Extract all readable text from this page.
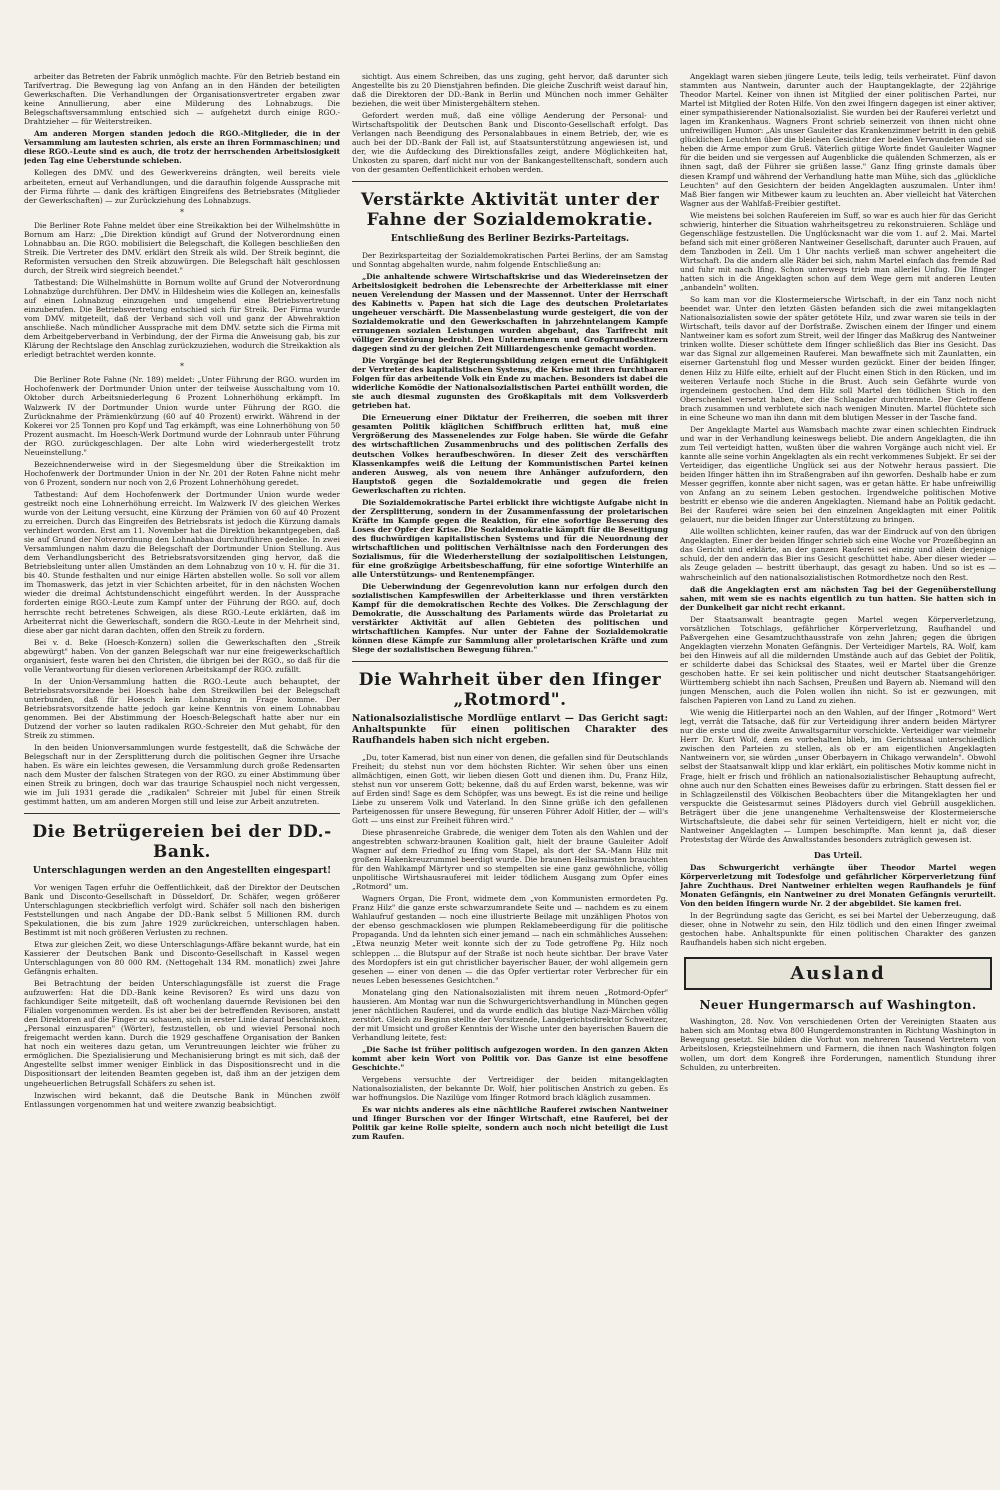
arbeiter das Betreten der Fabrik unmöglich machte. Für den Betrieb bestand ein Tarifvertrag. Die Bewegung lag von Anfang an in den Händen der beteiligten Gewerkschaften. Die Verhandlungen der Organisationsvertreter ergaben zwar keine Annullierung, aber eine Milderung des Lohnabzugs. Die Belegschaftsversammlung entschied sich — aufgehetzt durch einige RGO.-Drahtzieher — für Weiterstreiken.

Am anderen Morgen standen jedoch die RGO.-Mitglieder, die in der Versammlung am lautesten schrien, als erste an ihren Formmaschinen; und diese RGO.-Leute sind es auch, die trotz der herrschenden Arbeitslosigkeit jeden Tag eine Ueberstunde schieben.

Kollegen des DMV. und des Gewerkvereins drängten, weil bereits viele arbeiteten, erneut auf Verhandlungen, und die daraufhin folgende Aussprache mit der Firma führte — dank des kräftigen Eingreifens des Betriebsrates (Mitglieder der Gewerkschaften) — zur Zurückziehung des Lohnabzugs.

*

Die Berliner Rote Fahne meldet über eine Streikaktion bei der Wilhelmshütte in Bornum am Harz: „Die Direktion kündigt auf Grund der Notverordnung einen Lohnabbau an. Die RGO. mobilisiert die Belegschaft, die Kollegen beschließen den Streik. Die Vertreter des DMV. erklärt den Streik als wild. Der Streik beginnt, die Reformisten versuchen den Streik abzuwürgen. Die Belegschaft hält geschlossen durch, der Streik wird siegreich beendet."

Tatbestand: Die Wilhelmshütte in Bornum wollte auf Grund der Notverordnung Lohnabzüge durchführen. Der DMV. in Hildesheim wies die Kollegen an, keinesfalls auf einen Lohnabzug einzugehen und umgehend eine Betriebsvertretung einzuberufen. Die Betriebsvertretung entschied sich für Streik. Der Firma wurde vom DMV. mitgeteilt, daß der Verband sich voll und ganz der Abwehraktion anschließe. Nach mündlicher Aussprache mit dem DMV. setzte sich die Firma mit dem Arbeitgeberverband in Verbindung, der der Firma die Anweisung gab, bis zur Klärung der Rechtslage den Anschlag zurückzuziehen, wodurch die Streikaktion als erledigt betrachtet werden konnte.

*

Die Berliner Rote Fahne (Nr. 189) meldet: „Unter Führung der RGO. wurden im Hochofenwerk der Dortmunder Union unter der teilweise Ausschaltung vom 10. Oktober durch Arbeitsniederlegung 6 Prozent Lohnerhöhung erkämpft. Im Walzwerk IV der Dortmunder Union wurde unter Führung der RGO. die Zurücknahme der Prämienkürzung (60 auf 40 Prozent) erwirkt. Während in der Kokerei vor 25 Tonnen pro Kopf und Tag erkämpft, was eine Lohnerhöhung von 50 Prozent ausmacht. Im Hoesch-Werk Dortmund wurde der Lohnraub unter Führung der RGO. zurückgeschlagen. Der alte Lohn wird wiederhergestellt trotz Neueinstellung."

Bezeichnenderweise wird in der Siegesmeldung über die Streikaktion im Hochofenwerk der Dortmunder Union in der Nr. 201 der Roten Fahne nicht mehr von 6 Prozent, sondern nur noch von 2,6 Prozent Lohnerhöhung geredet.

Tatbestand: Auf dem Hochofenwerk der Dortmunder Union wurde weder gestreikt noch eine Lohnerhöhung erreicht. Im Walzwerk IV des gleichen Werkes wurde von der Leitung versucht, eine Kürzung der Prämien von 60 auf 40 Prozent zu erreichen. Durch das Eingreifen des Betriebsrats ist jedoch die Kürzung damals verhindert worden. Erst am 11. November hat die Direktion bekanntgegeben, daß sie auf Grund der Notverordnung den Lohnabbau durchzuführen gedenke. In zwei Versammlungen nahm dazu die Belegschaft der Dortmunder Union Stellung. Aus dem Verhandlungsbericht des Betriebsratsvorsitzenden ging hervor, daß die Betriebsleitung unter allen Umständen an dem Lohnabzug von 10 v. H. für die 31. bis 40. Stunde festhalten und nur einige Härten abstellen wolle. So soll vor allem im Thomaswerk, das jetzt in vier Schichten arbeitet, für in den nächsten Wochen wieder die dreimal Achtstundenschicht eingeführt werden. In der Aussprache forderten einige RGO.-Leute zum Kampf unter der Führung der RGO. auf, doch herrschte recht betretenes Schweigen, als diese RGO.-Leute erklärten, daß im Arbeiterrat nicht die Gewerkschaft, sondern die RGO.-Leute in der Mehrheit sind, diese aber gar nicht daran dachten, offen den Streik zu fordern.

Bei v. d. Beke (Hoesch-Konzern) sollen die Gewerkschaften den „Streik abgewürgt" haben. Von der ganzen Belegschaft war nur eine freigewerkschaftlich organisiert, feste waren bei den Christen, die übrigen bei der RGO., so daß für die volle Verantwortung für diesen verlorenen Arbeitskampf der RGO. zufällt.

In der Union-Versammlung hatten die RGO.-Leute auch behauptet, der Betriebsratsvorsitzende bei Hoesch habe den Streikwillen bei der Belegschaft unterbunden, daß für Hoesch kein Lohnabzug in Frage komme. Der Betriebsratsvorsitzende hatte jedoch gar keine Kenntnis von einem Lohnabbau genommen. Bei der Abstimmung der Hoesch-Belegschaft hatte aber nur ein Dutzend der vorher so lauten radikalen RGO.-Schreier den Mut gehabt, für den Streik zu stimmen.

In den beiden Unionversammlungen wurde festgestellt, daß die Schwäche der Belegschaft nur in der Zersplitterung durch die politischen Gegner ihre Ursache haben. Es wäre ein leichtes gewesen, die Versammlung durch große Redensarten nach dem Muster der falschen Strategen von der RGO. zu einer Abstimmung über einen Streik zu bringen, doch war das traurige Schauspiel noch nicht vergessen, wie im Juli 1931 gerade die „radikalen" Schreier mit Jubel für einen Streik gestimmt hatten, um am anderen Morgen still und leise zur Arbeit anzutreten.

Die Betrügereien bei der DD.-Bank.
Unterschlagungen werden an den Angestellten eingespart!

Vor wenigen Tagen erfuhr die Oeffentlichkeit, daß der Direktor der Deutschen Bank und Disconto-Gesellschaft in Düsseldorf, Dr. Schäfer, wegen größerer Unterschlagungen steckbrieflich verfolgt wird. Schäfer soll nach den bisherigen Feststellungen und nach Angabe der DD.-Bank selbst 5 Millionen RM. durch Spekulationen, die bis zum Jahre 1929 zurückreichen, unterschlagen haben. Bestimmt ist mit noch größeren Verlusten zu rechnen.

Etwa zur gleichen Zeit, wo diese Unterschlagungs-Affäre bekannt wurde, hat ein Kassierer der Deutschen Bank und Disconto-Gesellschaft in Kassel wegen Unterschlagungen von 80 000 RM. (Nettogehalt 134 RM. monatlich) zwei Jahre Gefängnis erhalten.

Bei Betrachtung der beiden Unterschlagungsfälle ist zuerst die Frage aufzuwerfen: Hat die DD.-Bank keine Revisoren? Es wird uns dazu von fachkundiger Seite mitgeteilt, daß oft wochenlang dauernde Revisionen bei den Filialen vorgenommen werden. Es ist aber bei der betreffenden Revisoren, anstatt den Direktoren auf die Finger zu schauen, sich in erster Linie darauf beschränkten, „Personal einzusparen" (Wörter), festzustellen, ob und wieviel Personal noch freigemacht werden kann. Durch die 1929 geschaffene Organisation der Banken hat noch ein weiteres dazu getan, um Veruntreuungen leichter wie früher zu ermöglichen. Die Spezialisierung und Mechanisierung bringt es mit sich, daß der Angestellte selbst immer weniger Einblick in das Dispositionsrecht und in die Dispositionsart der leitenden Beamten gegeben ist, daß ihm an der jetzigen dem ungeheuerlichen Betrugsfall Schäfers zu sehen ist.

Inzwischen wird bekannt, daß die Deutsche Bank in München zwölf Entlassungen vorgenommen hat und weitere zwanzig beabsichtigt.

sichtigt. Aus einem Schreiben, das uns zuging, geht hervor, daß darunter sich Angestellte bis zu 20 Dienstjahren befinden. Die gleiche Zuschrift weist darauf hin, daß die Direktoren der DD.-Bank in Berlin und München noch immer Gehälter beziehen, die weit über Ministergehältern stehen.

Gefordert werden muß, daß eine völlige Aenderung der Personal- und Wirtschaftspolitik der Deutschen Bank und Disconto-Gesellschaft erfolgt. Das Verlangen nach Beendigung des Personalabbaues in einem Betrieb, der, wie es auch bei der DD.-Bank der Fall ist, auf Staatsunterstützung angewiesen ist, und der, wie die Aufdeckung des Direktionsfalles zeigt, andere Möglichkeiten hat, Unkosten zu sparen, darf nicht nur von der Bankangestelltenschaft, sondern auch von der gesamten Oeffentlichkeit erhoben werden.

Verstärkte Aktivität unter der Fahne der Sozialdemokratie.
Entschließung des Berliner Bezirks-Parteitags.

Der Bezirksparteitag der Sozialdemokratischen Partei Berlins, der am Samstag und Sonntag abgehalten wurde, nahm folgende Entschließung an:

„Die anhaltende schwere Wirtschaftskrise und das Wiedereinsetzen der Arbeitslosigkeit bedrohen die Lebensrechte der Arbeiterklasse mit einer neuen Verelendung der Massen und der Massennot. Unter der Herrschaft des Kabinetts v. Papen hat sich die Lage des deutschen Proletariates ungeheuer verschärft. Die Massenbelastung wurde gesteigert, die von der Sozialdemokratie und den Gewerkschaften in jahrzehntelangem Kampfe errungenen sozialen Leistungen wurden abgebaut, das Tarifrecht mit völliger Zerstörung bedroht. Den Unternehmern und Großgrundbesitzern dagegen sind zu der gleichen Zeit Milliardengeschenke gemacht worden.

Die Vorgänge bei der Regierungsbildung zeigen erneut die Unfähigkeit der Vertreter des kapitalistischen Systems, die Krise mit ihren furchtbaren Folgen für das arbeitende Volk ein Ende zu machen. Besonders ist dabei die widerliche Komödie der Nationalsozialistischen Partei enthüllt worden, die sie auch diesmal zugunsten des Großkapitals mit dem Volksverderb getrieben hat.

Die Erneuerung einer Diktatur der Freiherren, die soeben mit ihrer gesamten Politik kläglichen Schiffbruch erlitten hat, muß eine Vergrößerung des Massenelendes zur Folge haben. Sie würde die Gefahr des wirtschaftlichen Zusammenbruchs und des politischen Zerfalls des deutschen Volkes heraufbeschwören. In dieser Zeit des verschärften Klassenkampfes weiß die Leitung der Kommunistischen Partei keinen anderen Ausweg, als von neuem ihre Anhänger aufzufordern, den Hauptstoß gegen die Sozialdemokratie und gegen die freien Gewerkschaften zu richten.

Die Sozialdemokratische Partei erblickt ihre wichtigste Aufgabe nicht in der Zersplitterung, sondern in der Zusammenfassung der proletarischen Kräfte im Kampfe gegen die Reaktion, für eine sofortige Besserung des Loses der Opfer der Krise. Die Sozialdemokratie kämpft für die Beseitigung des fluchwürdigen kapitalistischen Systems und für die Neuordnung der wirtschaftlichen und politischen Verhältnisse nach den Forderungen des Sozialismus, für die Wiederherstellung der sozialpolitischen Leistungen, für eine großzügige Arbeitsbeschaffung, für eine sofortige Winterhilfe an alle Unterstützungs- und Rentenempfänger.

Die Ueberwindung der Gegenrevolution kann nur erfolgen durch den sozialistischen Kampfeswillen der Arbeiterklasse und ihren verstärkten Kampf für die demokratischen Rechte des Volkes. Die Zerschlagung der Demokratie, die Ausschaltung des Parlaments würde das Proletariat zu verstärkter Aktivität auf allen Gebieten des politischen und wirtschaftlichen Kampfes. Nur unter der Fahne der Sozialdemokratie können diese Kämpfe zur Sammlung aller proletarischen Kräfte und zum Siege der sozialistischen Bewegung führen."

Die Wahrheit über den Ifinger „Rotmord".
Nationalsozialistische Mordlüge entlarvt — Das Gericht sagt: Anhaltspunkte für einen politischen Charakter des Raufhandels haben sich nicht ergeben.

„Du, toter Kamerad, bist nun einer von denen, die gefallen sind für Deutschlands Freiheit; du stehst nun vor dem höchsten Richter. Wir sehen über uns einen allmächtigen, einen Gott, wir lieben diesen Gott und dienen ihm. Du, Franz Hilz, stehst nun vor unserem Gott; bekenne, daß du auf Erden warst, bekenne, was wir auf Erden sind! Sage es dem Schöpfer, was uns bewegt. Es ist die reine und heilige Liebe zu unserem Volk und Vaterland. In den Sinne grüße ich den gefallenen Parteigenossen für unsere Bewegung, für unseren Führer Adolf Hitler, der — will's Gott — uns einst zur Freiheit führen wird."

Diese phrasenreiche Grabrede, die weniger dem Toten als den Wahlen und der angestrebten schwarz-braunen Koalition galt, hielt der braune Gauleiter Adolf Wagner auf dem Friedhof zu Ifing vom Stapel, als dort der SA.-Mann Hilz mit großem Hakenkreuzrummel beerdigt wurde. Die braunen Heilsarmisten brauchten für den Wahlkampf Märtyrer und so stempelten sie eine ganz gewöhnliche, völlig unpolitische Wirtshausrauferei mit leider tödlichem Ausgang zum Opfer eines „Rotmord" um.

Wagners Organ, Die Front, widmete dem „von Kommunisten ermordeten Pg. Franz Hilz" die ganze erste schwarzumrandete Seite und — nachdem es zu einem Wahlaufruf gestanden — noch eine illustrierte Beilage mit unzähligen Photos von der ebenso geschmacklosen wie plumpen Reklamebeerdigung für die politische Propaganda. Und da lehnten sich einer jemand — nach ein schmähliches Aussehen: „Etwa neunzig Meter weit konnte sich der zu Tode getroffene Pg. Hilz noch schleppen ... die Blutspur auf der Straße ist noch heute sichtbar. Der brave Vater des Mordopfers ist ein gut christlicher bayerischer Bauer, der wohl allgemein gern gesehen — einer von denen — die das Opfer vertiertar roter Verbrecher für ein neues Leben besessenes Gesichtchen."

Monatelang ging den Nationalsozialisten mit ihrem neuen „Rotmord-Opfer" hausieren. Am Montag war nun die Schwurgerichtsverhandlung in München gegen jener nächtlichen Rauferei, und da wurde endlich das blutige Nazi-Märchen völlig zerstört. Gleich zu Beginn stellte der Vorsitzende, Landgerichtsdirektor Schweitzer, der mit Umsicht und großer Kenntnis der Wische unter den bayerischen Bauern die Verhandlung leitete, fest:

„Die Sache ist früher politisch aufgezogen worden. In den ganzen Akten kommt aber kein Wort von Politik vor. Das Ganze ist eine besoffene Geschichte."

Vergebens versuchte der Vertreidiger der beiden mitangeklagten Nationalsozialisten, der bekannte Dr. Wolf, hier politischen Anstrich zu geben. Es war hoffnungslos. Die Nazilüge vom Ifinger Rotmord brach kläglich zusammen.

Es war nichts anderes als eine nächtliche Rauferei zwischen Nantweiner und Ifinger Burschen vor der Ifinger Wirtschaft, eine Rauferei, bei der Politik gar keine Rolle spielte, sondern auch noch nicht beteiligt die Lust zum Raufen.

Angeklagt waren sieben jüngere Leute, teils ledig, teils verheiratet. Fünf davon stammten aus Nantwein, darunter auch der Hauptangeklagte, der 22jährige Theodor Martel. Keiner von ihnen ist Mitglied der einer politischen Partei, nur Martel ist Mitglied der Roten Hilfe. Von den zwei Ifingern dagegen ist einer aktiver, einer sympathisierender Nationalsozialist. Sie wurden bei der Rauferei verletzt und lagen im Krankenhaus. Wagners Front schrieb seinerzeit von ihnen nicht ohne unfreiwilligen Humor: „Als unser Gauleiter das Krankenzimmer betritt in den gebiß glücklichen Leuchten über die bleichen Gesichter der beiden Verwundeten und sie heben die Arme empor zum Gruß. Väterlich gütige Worte findet Gauleiter Wagner für die beiden und sie vergessen auf Augenblicke die quälenden Schmerzen, als er ihnen sagt, daß der Führer sie grüßen lasse." Ganz Ifing grinste damals über diesen Krampf und während der Verhandlung hatte man Mühe, sich das „glückliche Leuchten" auf den Gesichtern der beiden Angeklagten auszumalen. Unter ihm! Maß Bier fangen wir Mitbewer kaum zu leuchten an. Aber vielleicht hat Väterchen Wagner aus der Wahlfaß-Freibier gestiftet.

Wie meistens bei solchen Raufereien im Suff, so war es auch hier für das Gericht schwierig, hinterher die Situation wahrheitsgetreu zu rekonstruieren. Schläge und Gegenschläge festzustellen. Die Unglücksnacht war die vom 1. auf 2. Mai. Martel befand sich mit einer größeren Nantweiner Gesellschaft, darunter auch Frauen, auf dem Tanzboden in Zell. Um 1 Uhr nachts verließ man schwer angeheitert die Wirtschaft. Da die andern alle Räder bei sich, nahm Martel einfach das fremde Rad und fuhr mit nach Ifing. Schon unterwegs trieb man allerlei Unfug. Die Ifinger hatten sich in die Angeklagten schon auf dem Wege gern mit anderen Leuten „anbandeln" wollten.

So kam man vor die Klostermeiersche Wirtschaft, in der ein Tanz noch nicht beendet war. Unter den letzten Gästen befanden sich die zwei mitangeklagten Nationalsozialisten sowie der später getötete Hilz, und zwar waren sie teils in der Wirtschaft, teils davor auf der Dorfstraße. Zwischen einem der Ifinger und einem Nantweiner kam es sofort zum Streit, weil der Ifinger das Maßkrug des Nantweiner trinken wollte. Dieser schüttete dem Ifinger schließlich das Bier ins Gesicht. Das war das Signal zur allgemeinen Rauferei. Man bewaffnete sich mit Zaunlatten, ein eiserner Gartenstuhl flog und Messer wurden gezückt. Einer der beiden Ifinger, denen Hilz zu Hilfe eilte, erhielt auf der Flucht einen Stich in den Rücken, und im weiteren Verlaufe noch Stiche in die Brust. Auch sein Gefährte wurde von irgendeinem gestochen. Und dem Hilz soll Martel den tödlichen Stich in den Oberschenkel versetzt haben, der die Schlagader durchtrennte. Der Getroffene brach zusammen und verblutete sich nach wenigen Minuten. Martel flüchtete sich in eine Scheune wo man ihn dann mit dem blutigen Messer in der Tasche fand.

Der Angeklagte Martel aus Wamsbach machte zwar einen schlechten Eindruck und war in der Verhandlung keineswegs beliebt. Die andern Angeklagten, die ihn zum Teil verteidigt hatten, wußten über die wahren Vorgänge auch nicht viel. Er kannte alle seine vorhin Angeklagten als ein recht verkommenes Subjekt. Er sei der Verteidiger, das eigentliche Unglück sei aus der Notwehr heraus passiert. Die beiden Ifinger hätten ihn im Straßengraben auf ihn geworfen. Deshalb habe er zum Messer gegriffen, konnte aber nicht sagen, was er getan hätte. Er habe unfreiwillig von Anfang an zu seinem Leben gestochen. Irgendwelche politischen Motive bestritt er ebenso wie die anderen Angeklagten. Niemand habe an Politik gedacht. Bei der Rauferei wäre seien bei den einzelnen Angeklagten mit einer Politik gelauert, nur die beiden Ifinger zur Unterstützung zu bringen.

Alle wollten schlichten, keiner raufen, das war der Eindruck auf von den übrigen Angeklagten. Einer der beiden Ifinger schrieb sich eine Woche vor Prozeßbeginn an das Gericht und erklärte, an der ganzen Rauferei sei einzig und allein derjenige schuld, der den andern das Bier ins Gesicht geschüttet habe. Aber dieser wieder — als Zeuge geladen — bestritt überhaupt, das gesagt zu haben. Und so ist es — wahrscheinlich auf den nationalsozialistischen Rotmordhetze noch den Rest.

daß die Angeklagten erst am nächsten Tag bei der Gegenüberstellung sahen, mit wem sie es nachts eigentlich zu tun hatten. Sie hatten sich in der Dunkelheit gar nicht recht erkannt.

Der Staatsanwalt beantragte gegen Martel wegen Körperverletzung, vorsätzlichen Totschlags, gefährlicher Körperverletzung, Raufhandel und Paßvergehen eine Gesamtzuchthausstrafe von zehn Jahren; gegen die übrigen Angeklagten vierzehn Monaten Gefängnis. Der Verteidiger Martels, RA. Wolf, kam bei den Hinweis auf all die mildernden Umstände auch auf das Gebiet der Politik, er schilderte dabei das Schicksal des Staates, weil er Martel über die Grenze geschoben hatte. Er sei kein politischer und nicht deutscher Staatsangehöriger. Württemberg schiebt ihn nach Sachsen, Preußen und Bayern ab. Niemand will den jungen Menschen, auch die Polen wollen ihn nicht. So ist er gezwungen, mit falschen Papieren von Land zu Land zu ziehen.

Wie wenig die Hitlerpartei noch an den Wahlen, auf der Ifinger „Rotmord" Wert legt, verrät die Tatsache, daß für zur Verteidigung ihrer andern beiden Märtyrer nur die erste und die zweite Anwaltsgarnitur vorschickte. Verteidiger war vielmehr Herr Dr. Kurt Wolf, dem es vorbehalten blieb, im Gerichtssaal unterschiedlich zwischen den Parteien zu stellen, als ob er am eigentlichen Angeklagten Nantweinern vor, sie würden „unser Oberbayern in Chikago verwandeln". Obwohl selbst der Staatsanwalt klipp und klar erklärt, ein politisches Motiv komme nicht in Frage, hielt er frisch und fröhlich an nationalsozialistischer Behauptung aufrecht, ohne auch nur den Schatten eines Beweises dafür zu erbringen. Statt dessen fiel er in Schlagzeilenstil des Völkischen Beobachters über die Mitangeklagten her und verspuckte die Geistesarmut seines Plädoyers durch viel Gebrüll ausgeklichen. Beträgert über die jene unangenehme Verhaltensweise der Klostermeiersche Wirtschaftsleute, die dabei sehr für seinen Verteidigern, hielt er nicht vor, die Nantweiner Angeklagten — Lumpen beschimpfte. Man kennt ja, daß dieser Proteststag der Würde des Anwaltsstandes besonders zuträglich gewesen ist.

Das Urteil.

Das Schwurgericht verhängte über Theodor Martel wegen Körperverletzung mit Todesfolge und gefährlicher Körperverletzung fünf Jahre Zuchthaus. Drei Nantweiner erhielten wegen Raufhandels je fünf Monaten Gefängnis, ein Nantweiner zu drei Monaten Gefängnis verurteilt. Von den beiden Ifingern wurde Nr. 2 der abgebildet. Sie kamen frei.

In der Begründung sagte das Gericht, es sei bei Martel der Ueberzeugung, daß dieser, ohne in Notwehr zu sein, den Hilz tödlich und den einen Ifinger zweimal gestochen habe. Anhaltspunkte für einen politischen Charakter des ganzen Raufhandels haben sich nicht ergeben.

Ausland
Neuer Hungermarsch auf Washington.

Washington, 28. Nov. Von verschiedenen Orten der Vereinigten Staaten aus haben sich am Montag etwa 800 Hungerdemonstranten in Richtung Washington in Bewegung gesetzt. Sie bilden die Vorhut von mehreren Tausend Vertretern von Arbeitslosen, Kriegsteilnehmern und Farmern, die ihnen nach Washington folgen wollen, um dort dem Kongreß ihre Forderungen, namentlich Stundung ihrer Schulden, zu unterbreiten.
